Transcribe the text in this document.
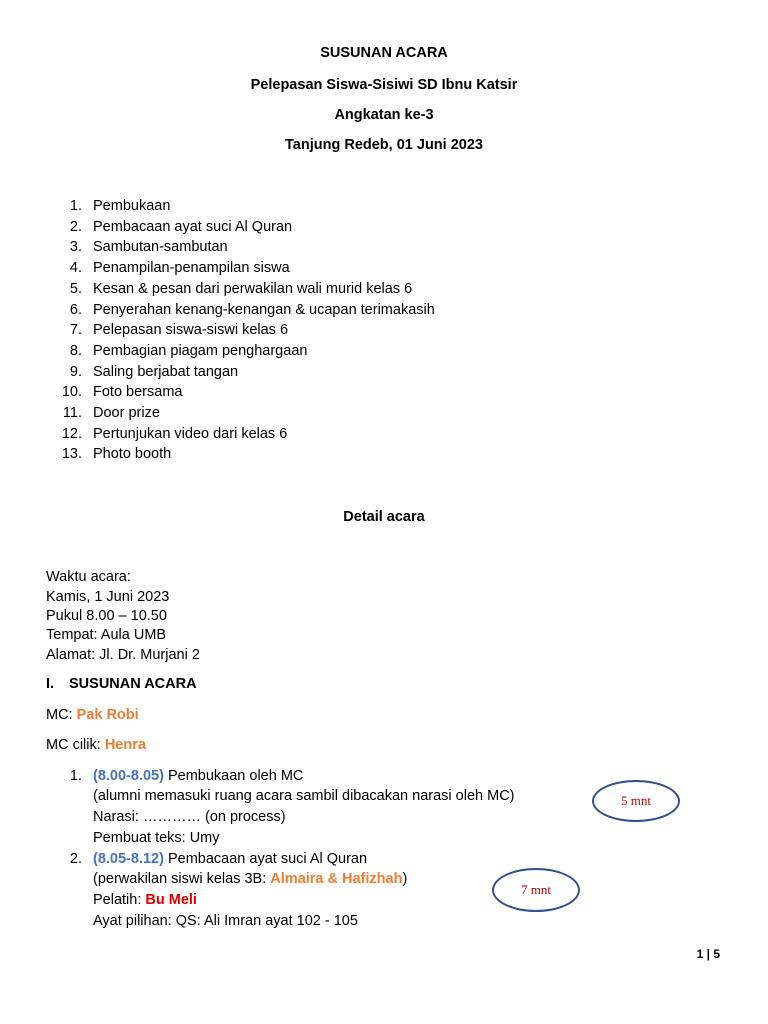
SUSUNAN ACARA
Pelepasan Siswa-Sisiwi SD Ibnu Katsir
Angkatan ke-3
Tanjung Redeb, 01 Juni 2023
1. Pembukaan
2. Pembacaan ayat suci Al Quran
3. Sambutan-sambutan
4. Penampilan-penampilan siswa
5. Kesan & pesan dari perwakilan wali murid kelas 6
6. Penyerahan kenang-kenangan & ucapan terimakasih
7. Pelepasan siswa-siswi kelas 6
8. Pembagian piagam penghargaan
9. Saling berjabat tangan
10. Foto bersama
11. Door prize
12. Pertunjukan video dari kelas 6
13. Photo booth
Detail acara
Waktu acara:
Kamis, 1 Juni 2023
Pukul 8.00 – 10.50
Tempat: Aula UMB
Alamat: Jl. Dr. Murjani 2
I. SUSUNAN ACARA
MC: Pak Robi
MC cilik: Henra
1. (8.00-8.05) Pembukaan oleh MC
(alumni memasuki ruang acara sambil dibacakan narasi oleh MC)
Narasi: ………… (on process)
Pembuat teks: Umy
5 mnt
2. (8.05-8.12) Pembacaan ayat suci Al Quran
(perwakilan siswi kelas 3B: Almaira & Hafizhah)
Pelatih: Bu Meli
Ayat pilihan: QS: Ali Imran ayat 102 - 105
7 mnt
1 | 5
